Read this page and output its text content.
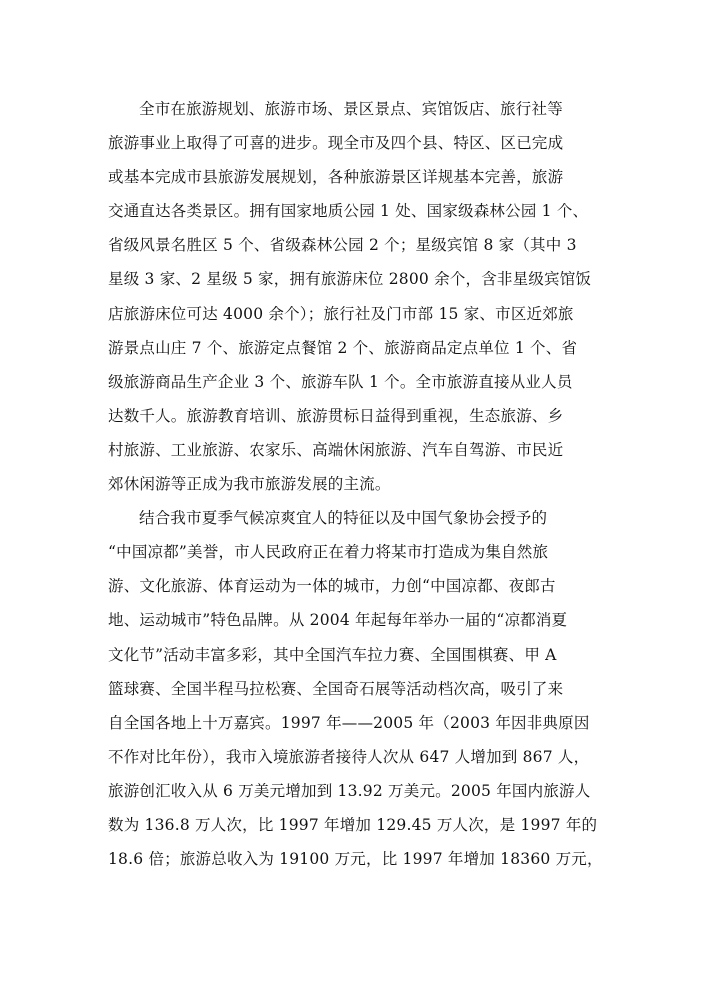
全市在旅游规划、旅游市场、景区景点、宾馆饭店、旅行社等
旅游事业上取得了可喜的进步。现全市及四个县、特区、区已完成
或基本完成市县旅游发展规划，各种旅游景区详规基本完善，旅游
交通直达各类景区。拥有国家地质公园 1 处、国家级森林公园 1 个、
省级风景名胜区 5 个、省级森林公园 2 个；星级宾馆 8 家（其中 3
星级 3 家、2 星级 5 家，拥有旅游床位 2800 余个，含非星级宾馆饭
店旅游床位可达 4000 余个）；旅行社及门市部 15 家、市区近郊旅
游景点山庄 7 个、旅游定点餐馆 2 个、旅游商品定点单位 1 个、省
级旅游商品生产企业 3 个、旅游车队 1 个。全市旅游直接从业人员
达数千人。旅游教育培训、旅游贯标日益得到重视，生态旅游、乡
村旅游、工业旅游、农家乐、高端休闲旅游、汽车自驾游、市民近
郊休闲游等正成为我市旅游发展的主流。
结合我市夏季气候凉爽宜人的特征以及中国气象协会授予的
“中国凉都”美誉，市人民政府正在着力将某市打造成为集自然旅
游、文化旅游、体育运动为一体的城市，力创“中国凉都、夜郎古
地、运动城市”特色品牌。从 2004 年起每年举办一届的“凉都消夏
文化节”活动丰富多彩，其中全国汽车拉力赛、全国围棋赛、甲 A
篮球赛、全国半程马拉松赛、全国奇石展等活动档次高，吸引了来
自全国各地上十万嘉宾。1997 年——2005 年（2003 年因非典原因
不作对比年份），我市入境旅游者接待人次从 647 人增加到 867 人，
旅游创汇收入从 6 万美元增加到 13.92 万美元。2005 年国内旅游人
数为 136.8 万人次，比 1997 年增加 129.45 万人次，是 1997 年的
18.6 倍；旅游总收入为 19100 万元，比 1997 年增加 18360 万元，
